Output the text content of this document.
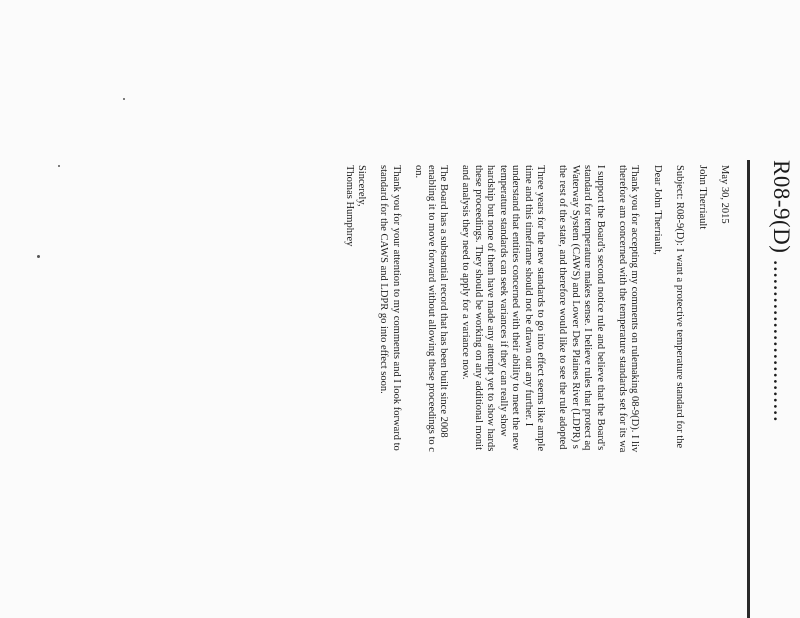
R08-9(D) ..........................

May 30, 2015

John Therriault

Subject: R08-9(D): I want a protective temperature standard for the

Dear John Therriault,

Thank you for accepting my comments on rulemaking 08-9(D). I liv
therefore am concerned with the temperature standards set for its wa

I support the Board's second notice rule and believe that the Board's
standard for temperature makes sense. I believe rules that protect aq
Waterway System (CAWS) and Lower Des Plaines River (LDPR) s
the rest of the state, and therefore would like to see the rule adopted

Three years for the new standards to go into effect seems like ample
time and this timeframe should not be drawn out any further. I
understand that entities concerned with their ability to meet the new
temperature standards can seek variances if they can really show
hardship but none of them have made any attempt yet to show hards
these proceedings. They should be working on any additional monit
and analysis they need to apply for a variance now.

The Board has a substantial record that has been built since 2008
enabling it to move forward without allowing these proceedings to c
on.

Thank you for your attention to my comments and I look forward to
standard for the CAWS and LDPR go into effect soon.

Sincerely,

Thomas Humphrey
